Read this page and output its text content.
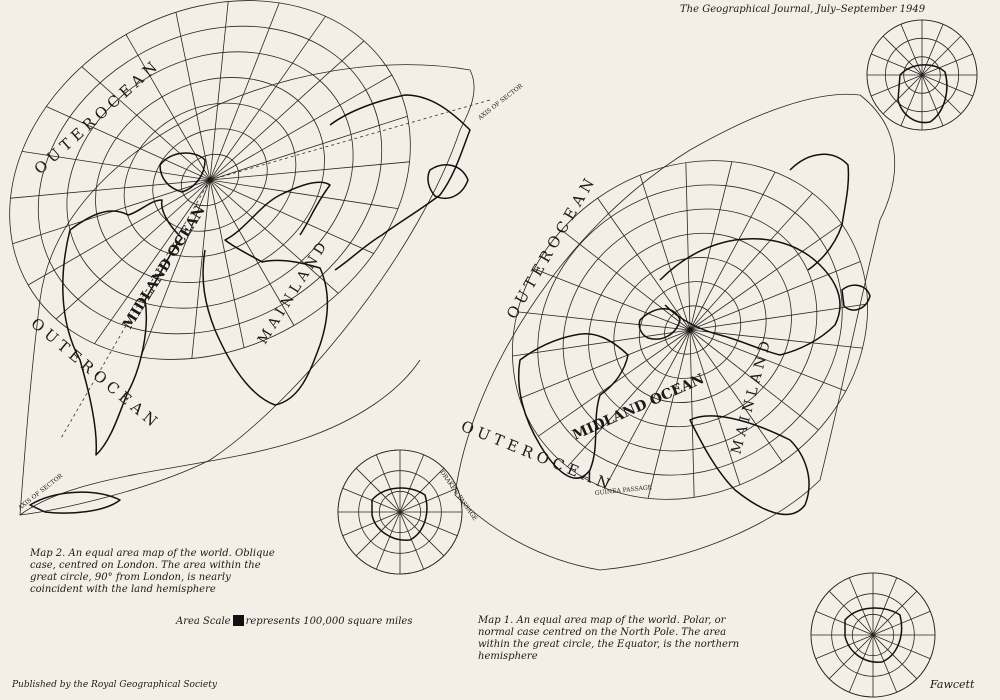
The Geographical Journal, July–September 1949
O U T E R O C E A N
O U T E R O C E A N
MIDLAND OCEAN	M A I N L A N D
AXIS OF SECTOR
AXIS OF SECTOR
O U T E R O C E A N
O U T E R O C E A N
MIDLAND OCEAN M A I N L A N D
DRAKE'S PASSAGE	GUINEA PASSAGE
Map 2. An equal area map of the world. Oblique case, centred on London. The area within the great circle, 90° from London, is nearly coincident with the land hemisphere
Area Scale represents 100,000 square miles	Map 1. An equal area map of the world. Polar, or normal case centred on the North Pole. The area within the great circle, the Equator, is the northern hemisphere
Published by the Royal Geographical Society	Fawcett
